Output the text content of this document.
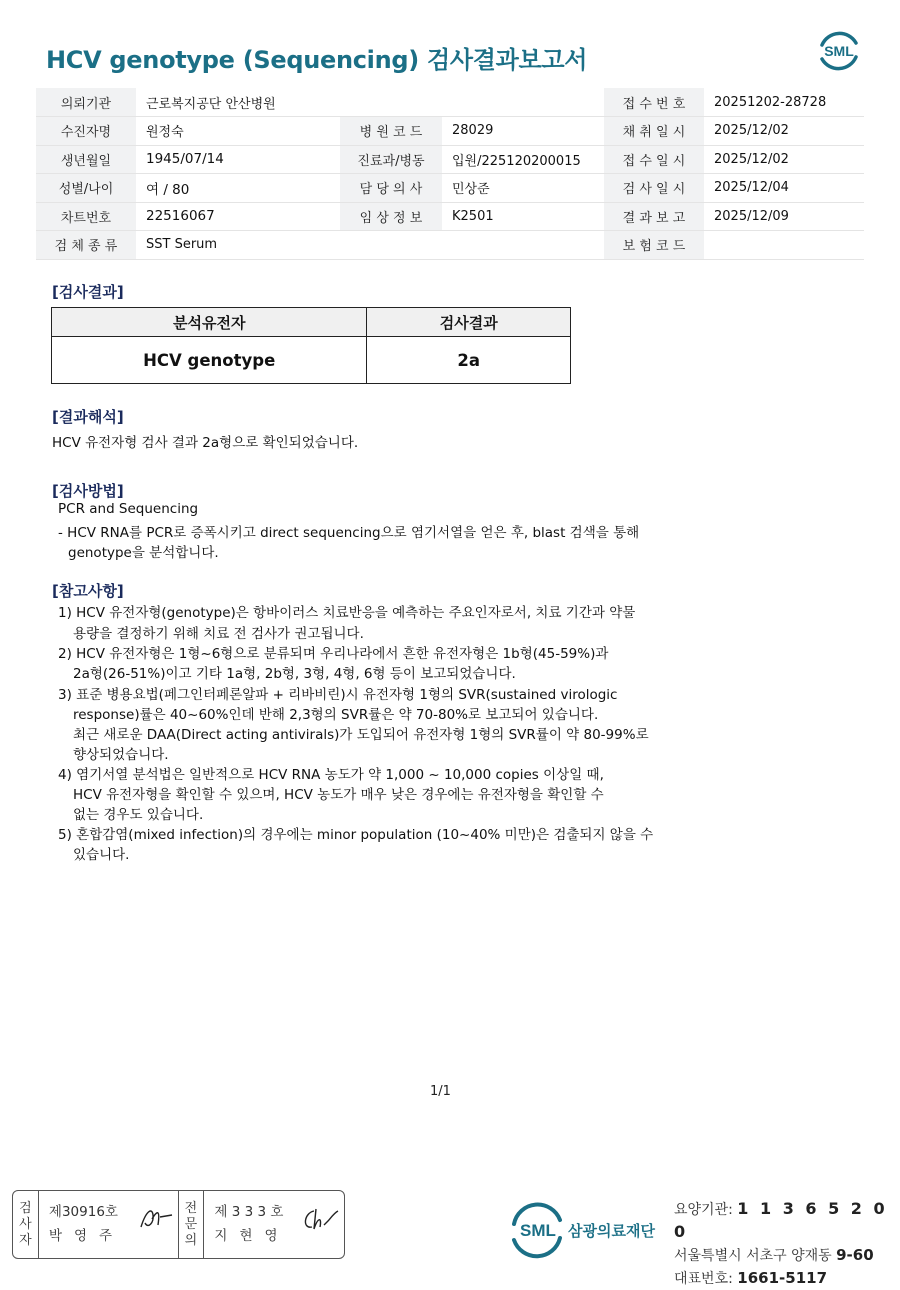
HCV genotype (Sequencing) 검사결과보고서	SML
의뢰기관	근로복지공단 안산병원			접 수 번 호	20251202-28728
수진자명	원정숙	병 원 코 드	28029	채 취 일 시	2025/12/02
생년월일	1945/07/14	진료과/병동	입원/225120200015	접 수 일 시	2025/12/02
성별/나이	여 / 80	담 당 의 사	민상준	검 사 일 시	2025/12/04
차트번호	22516067	임 상 정 보	K2501	결 과 보 고	2025/12/09
검 체 종 류	SST Serum			보 험 코 드	
[검사결과]
분석유전자	검사결과
HCV genotype	2a
[결과해석]
HCV 유전자형 검사 결과 2a형으로 확인되었습니다.
[검사방법]
PCR and Sequencing
- HCV RNA를 PCR로 증폭시키고 direct sequencing으로 염기서열을 얻은 후, blast 검색을 통해
genotype을 분석합니다.
[참고사항]
1) HCV 유전자형(genotype)은 항바이러스 치료반응을 예측하는 주요인자로서, 치료 기간과 약물
용량을 결정하기 위해 치료 전 검사가 권고됩니다.
2) HCV 유전자형은 1형~6형으로 분류되며 우리나라에서 흔한 유전자형은 1b형(45-59%)과
2a형(26-51%)이고 기타 1a형, 2b형, 3형, 4형, 6형 등이 보고되었습니다.
3) 표준 병용요법(페그인터페론알파 + 리바비린)시 유전자형 1형의 SVR(sustained virologic
response)률은 40~60%인데 반해 2,3형의 SVR률은 약 70-80%로 보고되어 있습니다.
최근 새로운 DAA(Direct acting antivirals)가 도입되어 유전자형 1형의 SVR률이 약 80-99%로
향상되었습니다.
4) 염기서열 분석법은 일반적으로 HCV RNA 농도가 약 1,000 ~ 10,000 copies 이상일 때,
HCV 유전자형을 확인할 수 있으며, HCV 농도가 매우 낮은 경우에는 유전자형을 확인할 수
없는 경우도 있습니다.
5) 혼합감염(mixed infection)의 경우에는 minor population (10~40% 미만)은 검출되지 않을 수
있습니다.
1/1
검
사
자
제30916호
박영주
전
문
의
제 3 3 3 호
지현영	SML 삼광의료재단
요양기관: 1 1 3 6 5 2 0 0
서울특별시 서초구 양재동 9-60
대표번호: 1661-5117
